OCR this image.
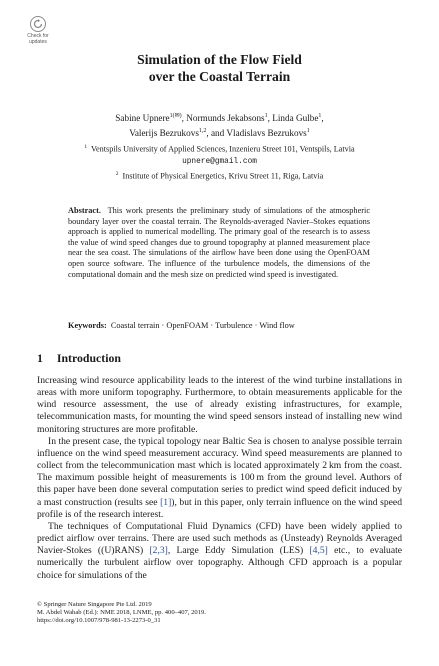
Check for
updates
Simulation of the Flow Field
over the Coastal Terrain
Sabine Upnere$^{1(✉)}$, Normunds Jekabsons$^1$, Linda Gulbe$^1$,
Valerijs Bezrukovs$^{1,2}$, and Vladislavs Bezrukovs$^1$
$^1$ Ventspils University of Applied Sciences, Inzenieru Street 101, Ventspils, Latvia
upnere@gmail.com
$^2$ Institute of Physical Energetics, Krivu Street 11, Riga, Latvia
Abstract. This work presents the preliminary study of simulations of the atmospheric boundary layer over the coastal terrain. The Reynolds-averaged Navier–Stokes equations approach is applied to numerical modelling. The primary goal of the research is to assess the value of wind speed changes due to ground topography at planned measurement place near the sea coast. The simulations of the airflow have been done using the OpenFOAM open source software. The influence of the turbulence models, the dimensions of the computational domain and the mesh size on predicted wind speed is investigated.
Keywords: Coastal terrain · OpenFOAM · Turbulence · Wind flow
1 Introduction

Increasing wind resource applicability leads to the interest of the wind turbine installations in areas with more uniform topography. Furthermore, to obtain measurements applicable for the wind resource assessment, the use of already existing infrastructures, for example, telecommunication masts, for mounting the wind speed sensors instead of installing new wind monitoring structures are more profitable.

In the present case, the typical topology near Baltic Sea is chosen to analyse possible terrain influence on the wind speed measurement accuracy. Wind speed measurements are planned to collect from the telecommunication mast which is located approximately 2 km from the coast. The maximum possible height of measurements is 100 m from the ground level. Authors of this paper have been done several computation series to predict wind speed deficit induced by a mast construction (results see [1]), but in this paper, only terrain influence on the wind speed profile is of the research interest.

The techniques of Computational Fluid Dynamics (CFD) have been widely applied to predict airflow over terrains. There are used such methods as (Unsteady) Reynolds Averaged Navier-Stokes ((U)RANS) [2,3], Large Eddy Simulation (LES) [4,5] etc., to evaluate numerically the turbulent airflow over topography. Although CFD approach is a popular choice for simulations of the

© Springer Nature Singapore Pte Ltd. 2019
M. Abdel Wahab (Ed.): NME 2018, LNME, pp. 400–407, 2019.
https://doi.org/10.1007/978-981-13-2273-0_31
